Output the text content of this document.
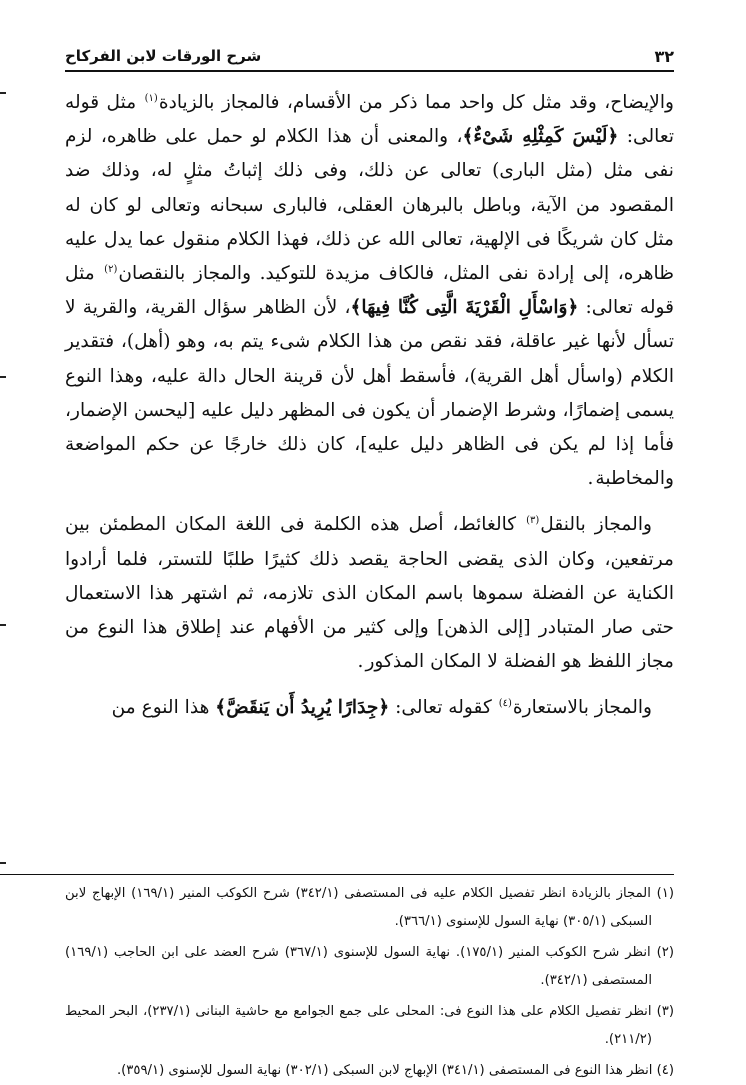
٣٢
شرح الورقات لابن الفركاح

والإيضاح، وقد مثل كل واحد مما ذكر من الأقسام، فالمجاز بالزيادة$^{(١)}$ مثل قوله تعالى: ﴿لَيْسَ كَمِثْلِهِ شَىْءٌ﴾، والمعنى أن هذا الكلام لو حمل على ظاهره، لزم نفى مثل (مثل البارى) تعالى عن ذلك، وفى ذلك إثباتُ مثلٍ له، وذلك ضد المقصود من الآية، وباطل بالبرهان العقلى، فالبارى سبحانه وتعالى لو كان له مثل كان شريكًا فى الإلهية، تعالى الله عن ذلك، فهذا الكلام منقول عما يدل عليه ظاهره، إلى إرادة نفى المثل، فالكاف مزيدة للتوكيد. والمجاز بالنقصان$^{(٢)}$ مثل قوله تعالى: ﴿وَاسْأَلِ الْقَرْيَةَ الَّتِى كُنَّا فِيهَا﴾، لأن الظاهر سؤال القرية، والقرية لا تسأل لأنها غير عاقلة، فقد نقص من هذا الكلام شىء يتم به، وهو (أهل)، فتقدير الكلام (واسأل أهل القرية)، فأسقط أهل لأن قرينة الحال دالة عليه، وهذا النوع يسمى إضمارًا، وشرط الإضمار أن يكون فى المظهر دليل عليه [ليحسن الإضمار، فأما إذا لم يكن فى الظاهر دليل عليه]، كان ذلك خارجًا عن حكم المواضعة والمخاطبة.

والمجاز بالنقل$^{(٣)}$ كالغائط، أصل هذه الكلمة فى اللغة المكان المطمئن بين مرتفعين، وكان الذى يقضى الحاجة يقصد ذلك كثيرًا طلبًا للتستر، فلما أرادوا الكناية عن الفضلة سموها باسم المكان الذى تلازمه، ثم اشتهر هذا الاستعمال حتى صار المتبادر [إلى الذهن] وإلى كثير من الأفهام عند إطلاق هذا النوع من مجاز اللفظ هو الفضلة لا المكان المذكور.

والمجاز بالاستعارة$^{(٤)}$ كقوله تعالى: ﴿جِدَارًا يُرِيدُ أَن يَنقَضَّ﴾ هذا النوع من

(١) المجاز بالزيادة انظر تفصيل الكلام عليه فى المستصفى (٣٤٢/١) شرح الكوكب المنير (١٦٩/١) الإبهاج لابن السبكى (٣٠٥/١) نهاية السول للإسنوى (٣٦٦/١).

(٢) انظر شرح الكوكب المنير (١٧٥/١). نهاية السول للإسنوى (٣٦٧/١) شرح العضد على ابن الحاجب (١٦٩/١) المستصفى (٣٤٢/١).

(٣) انظر تفصيل الكلام على هذا النوع فى: المحلى على جمع الجوامع مع حاشية البنانى (٢٣٧/١)، البحر المحيط (٢١١/٢).

(٤) انظر هذا النوع فى المستصفى (٣٤١/١) الإبهاج لابن السبكى (٣٠٢/١) نهاية السول للإسنوى (٣٥٩/١).
